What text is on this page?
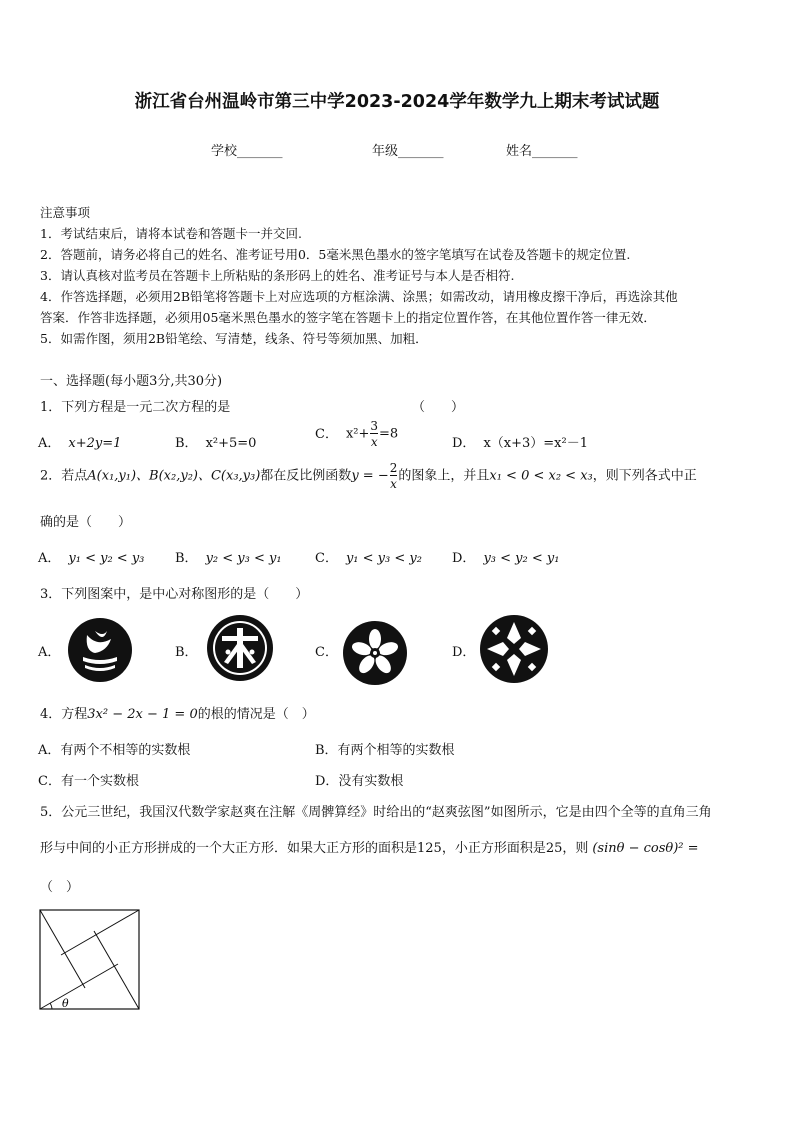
浙江省台州温岭市第三中学2023-2024学年数学九上期末考试试题
学校_______	年级_______	姓名_______
注意事项
1．考试结束后，请将本试卷和答题卡一并交回.
2．答题前，请务必将自己的姓名、准考证号用0．5毫米黑色墨水的签字笔填写在试卷及答题卡的规定位置.
3．请认真核对监考员在答题卡上所粘贴的条形码上的姓名、准考证号与本人是否相符.
4．作答选择题，必须用2B铅笔将答题卡上对应选项的方框涂满、涂黑；如需改动，请用橡皮擦干净后，再选涂其他
答案．作答非选择题，必须用05毫米黑色墨水的签字笔在答题卡上的指定位置作答，在其他位置作答一律无效．
5．如需作图，须用2B铅笔绘、写清楚，线条、符号等须加黑、加粗．
一、选择题(每小题3分,共30分)
1．下列方程是一元二次方程的是	（　　）
A． x+2y=1	B． x²+5=0
C． $x^2+ \frac{3}{x} =8$
D． x（x+3）=x²－1
2．若点A(x₁,y₁)、B(x₂,y₂)、C(x₃,y₃)都在反比例函数y = − $\frac{2}{x}$ 的图象上，并且x₁ < 0 < x₂ < x₃，则下列各式中正
确的是（　　）
A． y₁ < y₂ < y₃ B． y₂ < y₃ < y₁	C． y₁ < y₃ < y₂ D． y₃ < y₂ < y₁
3．下列图案中，是中心对称图形的是（　　）
A．	B．	C．	D．
4．方程3x² − 2x − 1 = 0的根的情况是（　）
A．有两个不相等的实数根	B．有两个相等的实数根
C．有一个实数根	D．没有实数根
5．公元三世纪，我国汉代数学家赵爽在注解《周髀算经》时给出的“赵爽弦图”如图所示，它是由四个全等的直角三角
形与中间的小正方形拼成的一个大正方形．如果大正方形的面积是125，小正方形面积是25，则 (sinθ − cosθ)² =
（　）
θ
